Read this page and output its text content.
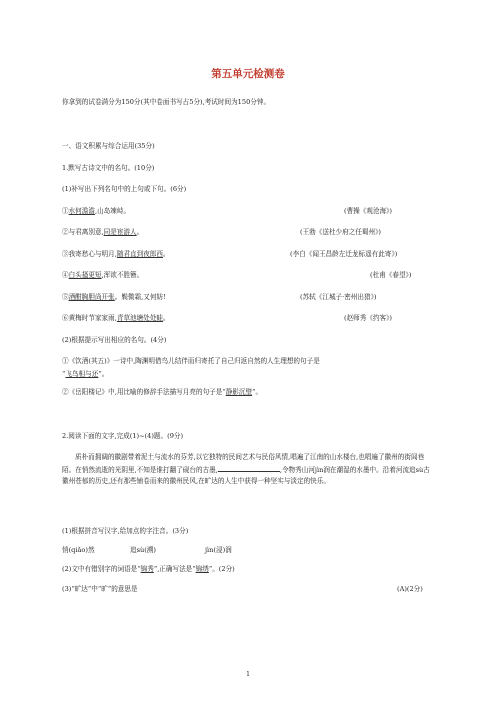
第五单元检测卷
你拿到的试卷满分为150分(其中卷面书写占5分),考试时间为150分钟。
一、语文积累与综合运用(35分)
1.默写古诗文中的名句。(10分)
(1)补写出下列名句中的上句或下句。(6分)
①水何澹澹,山岛竦峙。	(曹操《观沧海》)
②与君离别意,同是宦游人。	(王勃《送杜少府之任蜀州》)
③我寄愁心与明月,随君直到夜郎西。	(李白《闻王昌龄左迁龙标遥有此寄》)
④白头搔更短,浑欲不胜簪。	(杜甫《春望》)
⑤酒酣胸胆尚开张。鬓微霜,又何妨!	(苏轼《江城子·密州出猎》)
⑥黄梅时节家家雨,青草池塘处处蛙。	(赵师秀《约客》)
(2)根据提示写出相应的名句。(4分)
①《饮酒(其五)》一诗中,陶渊明借鸟儿结伴而归寄托了自己归返自然的人生理想的句子是
“飞鸟相与还”。
②《岳阳楼记》中,用比喻的修辞手法描写月亮的句子是“静影沉璧”。
2.阅读下面的文字,完成(1)~(4)题。(9分)
质朴而拥阔的徽剧带着泥土与流水的芬芳,以它独特的民间艺术与民俗风情,唱遍了江南的山水楼台,也唱遍了徽州的街闾巷陌。在悄然流逝的光阴里,不知是谁打翻了砚台的古墨,	,令物秀山河jìn润在潮湿的水墨中。沿着河流追sù古徽州苍郁的历史,还有那些铺卷而来的徽州民风,在旷达的人生中获得一种坚实与淡定的快乐。
(1)根据拼音写汉字,给加点的字注音。(3分)
悄(qiǎo)然	追sù(溯)	jìn(浸)润
(2)文中有错别字的词语是“锦秀”,正确写法是“锦绣”。(2分)
(3)“旷达”中“旷”的意思是	(A)(2分)
1
